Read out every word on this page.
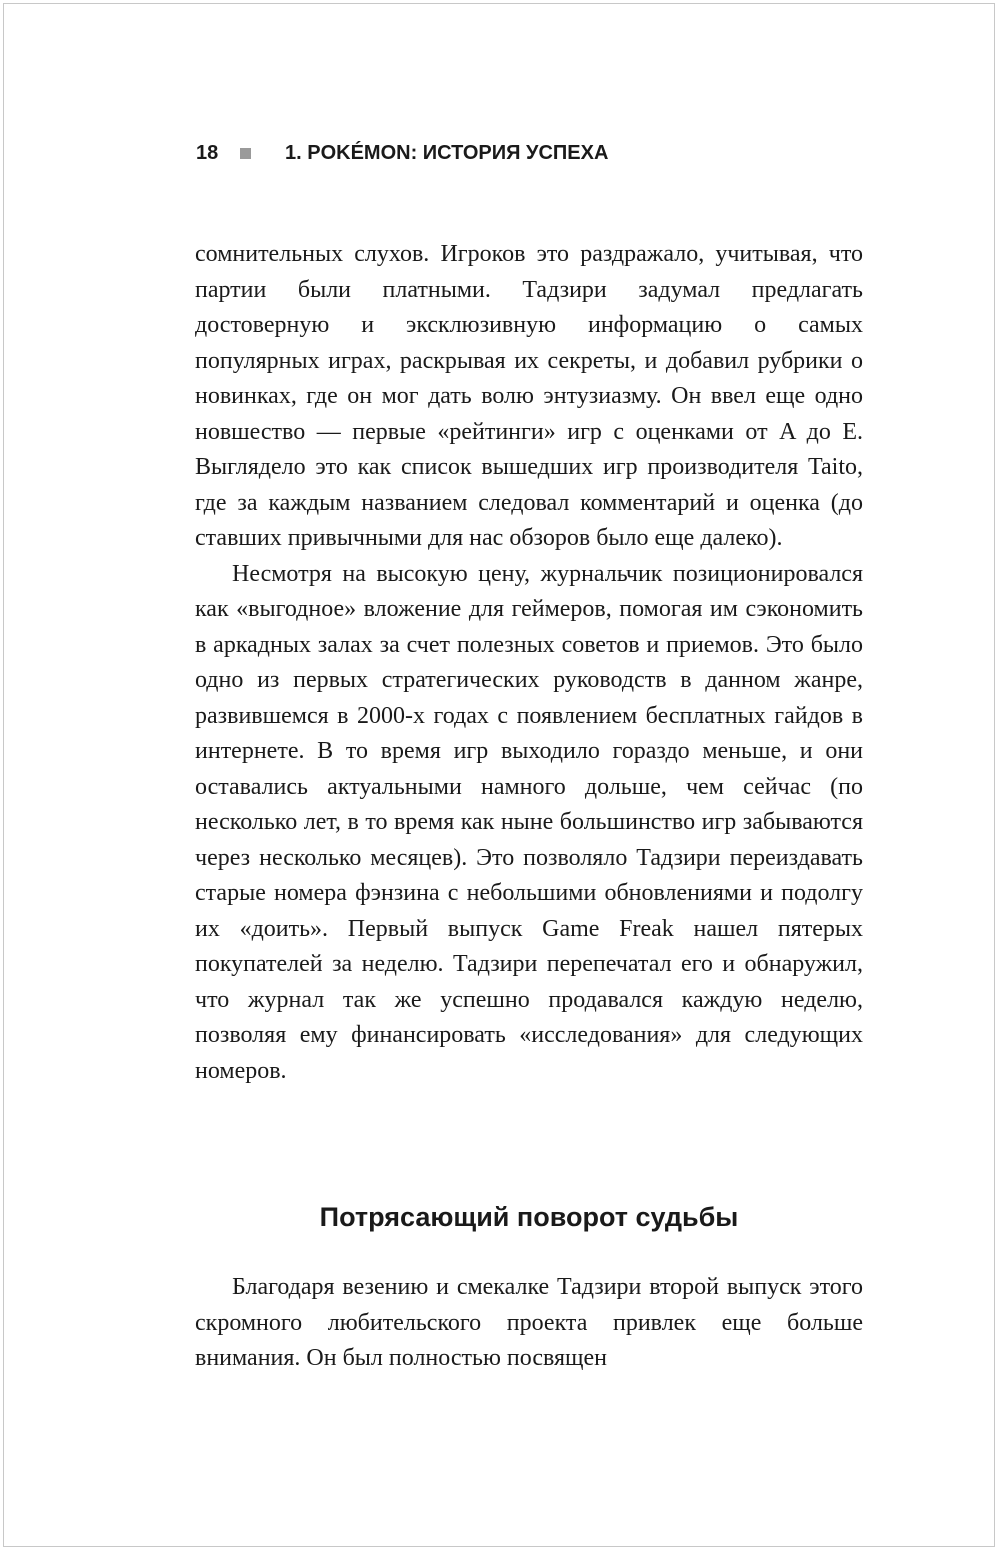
18	1. POKÉMON: ИСТОРИЯ УСПЕХА

сомнительных слухов. Игроков это раздражало, учитывая, что партии были платными. Тадзири задумал предлагать достоверную и эксклюзивную информацию о самых популярных играх, раскрывая их секреты, и добавил рубрики о новинках, где он мог дать волю энтузиазму. Он ввел еще одно новшество — первые «рейтинги» игр с оценками от A до E. Выглядело это как список вышедших игр производителя Taito, где за каждым названием следовал комментарий и оценка (до ставших привычными для нас обзоров было еще далеко).

Несмотря на высокую цену, журнальчик позиционировался как «выгодное» вложение для геймеров, помогая им сэкономить в аркадных залах за счет полезных советов и приемов. Это было одно из первых стратегических руководств в данном жанре, развившемся в 2000-х годах с появлением бесплатных гайдов в интернете. В то время игр выходило гораздо меньше, и они оставались актуальными намного дольше, чем сейчас (по несколько лет, в то время как ныне большинство игр забываются через несколько месяцев). Это позволяло Тадзири переиздавать старые номера фэнзина с небольшими обновлениями и подолгу их «доить». Первый выпуск Game Freak нашел пятерых покупателей за неделю. Тадзири перепечатал его и обнаружил, что журнал так же успешно продавался каждую неделю, позволяя ему финансировать «исследования» для следующих номеров.

Потрясающий поворот судьбы

Благодаря везению и смекалке Тадзири второй выпуск этого скромного любительского проекта привлек еще больше внимания. Он был полностью посвящен
